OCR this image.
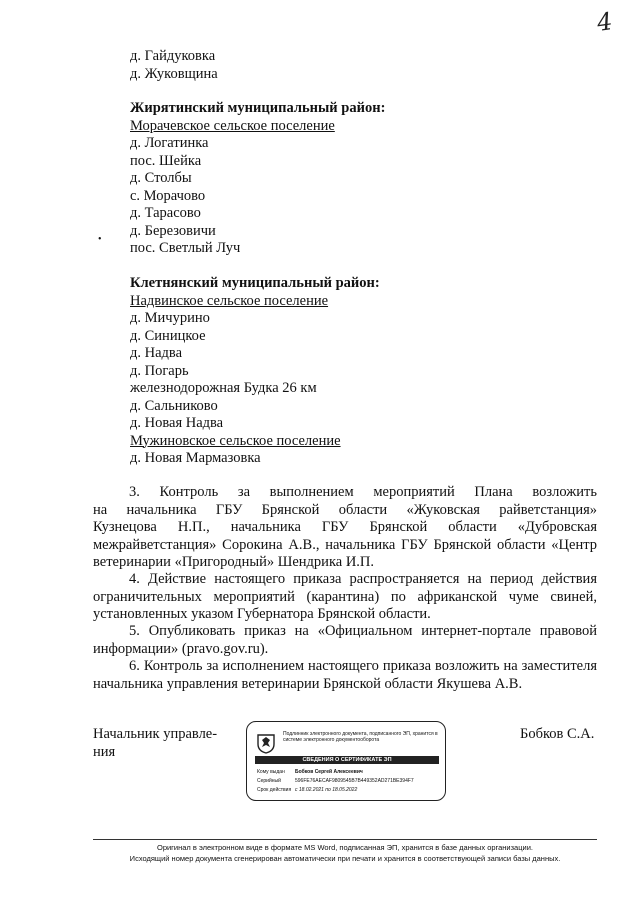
4
д. Гайдуковка
д. Жуковщина
Жирятинский муниципальный район:
Морачевское сельское поселение
д. Логатинка
пос. Шейка
д. Столбы
с. Морачово
д. Тарасово
д. Березовичи
пос. Светлый Луч
•
Клетнянский муниципальный район:
Надвинское сельское поселение
д. Мичурино
д. Синицкое
д. Надва
д. Погарь
железнодорожная Будка 26 км
д. Сальниково
д. Новая Надва
Мужиновское сельское поселение
д. Новая Мармазовка
3. Контроль за выполнением мероприятий Плана возложить
на начальника ГБУ Брянской области «Жуковская райветстанция»
Кузнецова Н.П., начальника ГБУ Брянской области «Дубровская
межрайветстанция» Сорокина А.В., начальника ГБУ Брянской области «Центр ветеринарии «Пригородный» Шендрика И.П.
4. Действие настоящего приказа распространяется на период действия ограничительных мероприятий (карантина) по африканской чуме свиней, установленных указом Губернатора Брянской области.
5. Опубликовать приказ на «Официальном интернет-портале правовой информации» (pravo.gov.ru).
6. Контроль за исполнением настоящего приказа возложить на заместителя начальника управления ветеринарии Брянской области Якушева А.В.
Начальник управле-
ния
Бобков С.А.
Подлинник электронного документа, подписанного ЭП, хранится в системе электронного документооборота
СВЕДЕНИЯ О СЕРТИФИКАТЕ ЭП
Кому выдан Бобков Сергей Алексеевич
Серийный	596FE76AECAF9809545B7B449352AD271BE394F7
Срок действия с 18.02.2021 по 18.05.2022
Оригинал в электронном виде в формате MS Word, подписанная ЭП, хранится в базе данных организации.
Исходящий номер документа сгенерирован автоматически при печати и хранится в соответствующей записи базы данных.
